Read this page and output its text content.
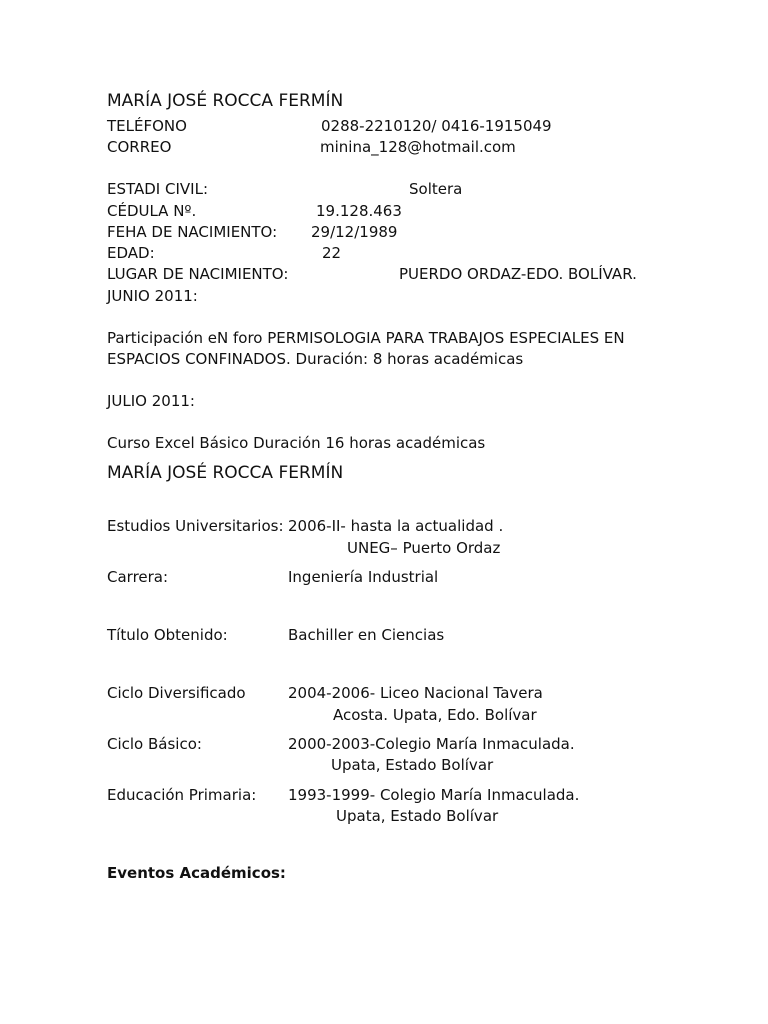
MARÍA JOSÉ ROCCA FERMÍN
TELÉFONO	0288-2210120/ 0416-1915049
CORREO	minina_128@hotmail.com
ESTADI CIVIL:	Soltera
CÉDULA Nº.	19.128.463
FEHA DE NACIMIENTO: 29/12/1989
EDAD:	22
LUGAR DE NACIMIENTO:	PUERDO ORDAZ-EDO. BOLÍVAR.
JUNIO 2011:
Participación eN foro PERMISOLOGIA PARA TRABAJOS ESPECIALES EN
ESPACIOS CONFINADOS. Duración: 8 horas académicas
JULIO 2011:
Curso Excel Básico Duración 16 horas académicas
MARÍA JOSÉ ROCCA FERMÍN
Estudios Universitarios: 2006-II- hasta la actualidad .
UNEG– Puerto Ordaz
Carrera:	Ingeniería Industrial
Título Obtenido:	Bachiller en Ciencias
Ciclo Diversificado	2004-2006- Liceo Nacional Tavera
Acosta. Upata, Edo. Bolívar
Ciclo Básico:	2000-2003-Colegio María Inmaculada.
Upata, Estado Bolívar
Educación Primaria: 1993-1999- Colegio María Inmaculada.
Upata, Estado Bolívar
Eventos Académicos:
